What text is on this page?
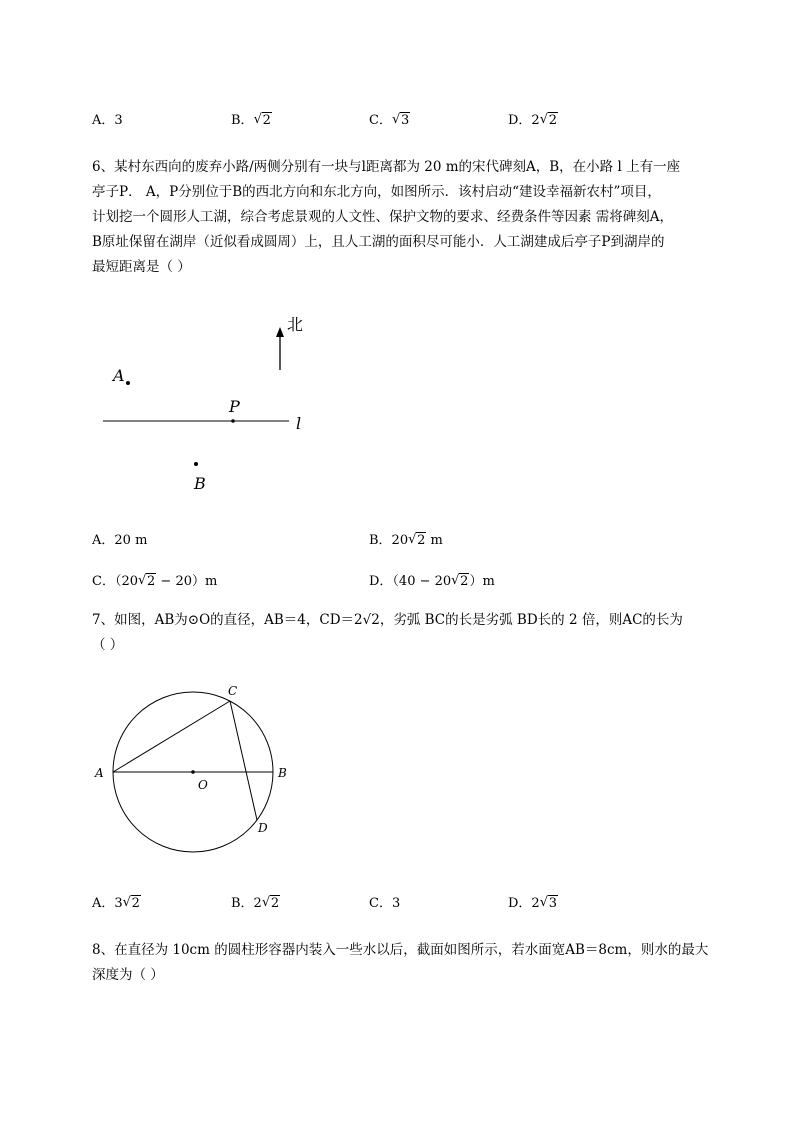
A．3	B． √ 2	C． √ 3	D．2 √ 2
6、某村东西向的废弃小路/两侧分别有一块与l距离都为 20 m的宋代碑刻A，B，在小路 l 上有一座
亭子P． A，P分别位于B的西北方向和东北方向，如图所示．该村启动“建设幸福新农村”项目，
计划挖一个圆形人工湖，综合考虑景观的人文性、保护文物的要求、经费条件等因素 需将碑刻A，
B原址保留在湖岸（近似看成圆周）上，且人工湖的面积尽可能小．人工湖建成后亭子P到湖岸的
最短距离是（ ）
北
A
P
l
B
A．20 m	B．20 √ 2 m
C．（20 √ 2 − 20）m	D．（40 − 20 √ 2）m
7、如图，AB为⊙O的直径，AB＝4，CD＝2√2，劣弧 BC的长是劣弧 BD长的 2 倍，则AC的长为
（ ）
A	B
C
D
O
A．3 √ 2	B．2 √ 2	C．3	D．2 √ 3
8、在直径为 10cm 的圆柱形容器内装入一些水以后，截面如图所示，若水面宽AB＝8cm，则水的最大
深度为（ ）
